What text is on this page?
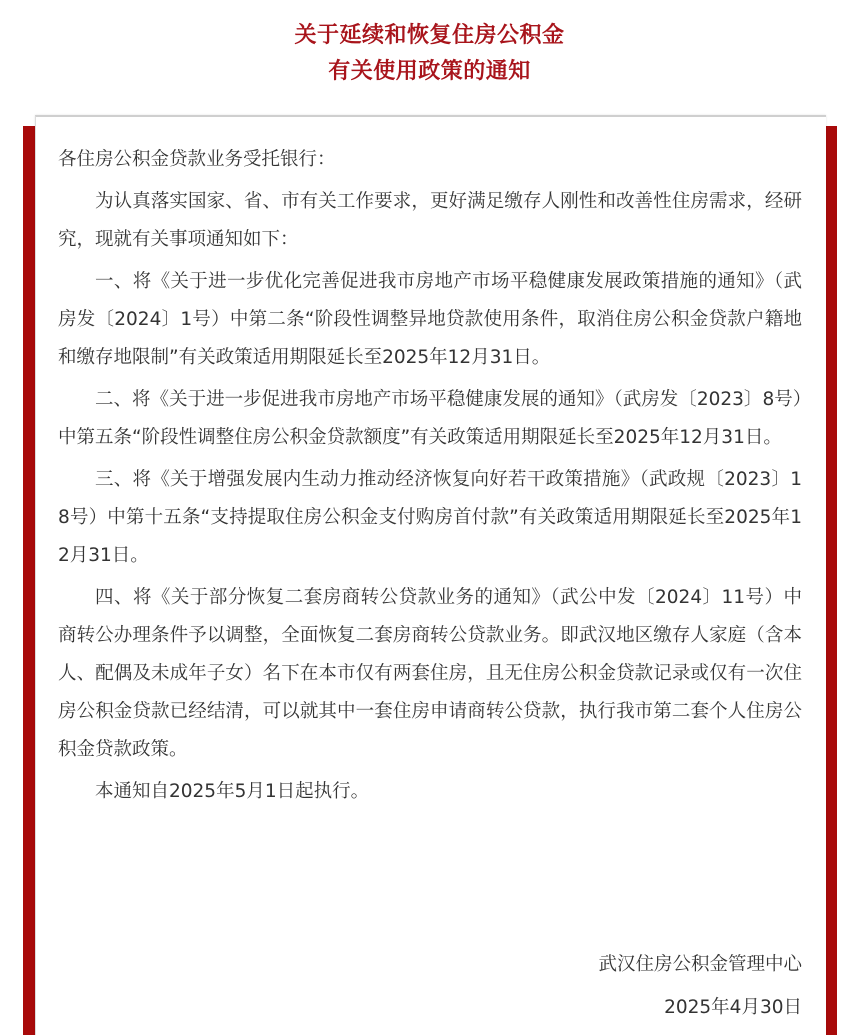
关于延续和恢复住房公积金
有关使用政策的通知

各住房公积金贷款业务受托银行：

为认真落实国家、省、市有关工作要求，更好满足缴存人刚性和改善性住房需求，经研究，现就有关事项通知如下：

一、将《关于进一步优化完善促进我市房地产市场平稳健康发展政策措施的通知》（武房发〔2024〕1号）中第二条“阶段性调整异地贷款使用条件，取消住房公积金贷款户籍地和缴存地限制”有关政策适用期限延长至2025年12月31日。

二、将《关于进一步促进我市房地产市场平稳健康发展的通知》（武房发〔2023〕8号）中第五条“阶段性调整住房公积金贷款额度”有关政策适用期限延长至2025年12月31日。

三、将《关于增强发展内生动力推动经济恢复向好若干政策措施》（武政规〔2023〕18号）中第十五条“支持提取住房公积金支付购房首付款”有关政策适用期限延长至2025年12月31日。

四、将《关于部分恢复二套房商转公贷款业务的通知》（武公中发〔2024〕11号）中商转公办理条件予以调整，全面恢复二套房商转公贷款业务。即武汉地区缴存人家庭（含本人、配偶及未成年子女）名下在本市仅有两套住房，且无住房公积金贷款记录或仅有一次住房公积金贷款已经结清，可以就其中一套住房申请商转公贷款，执行我市第二套个人住房公积金贷款政策。

本通知自2025年5月1日起执行。

武汉住房公积金管理中心
2025年4月30日
